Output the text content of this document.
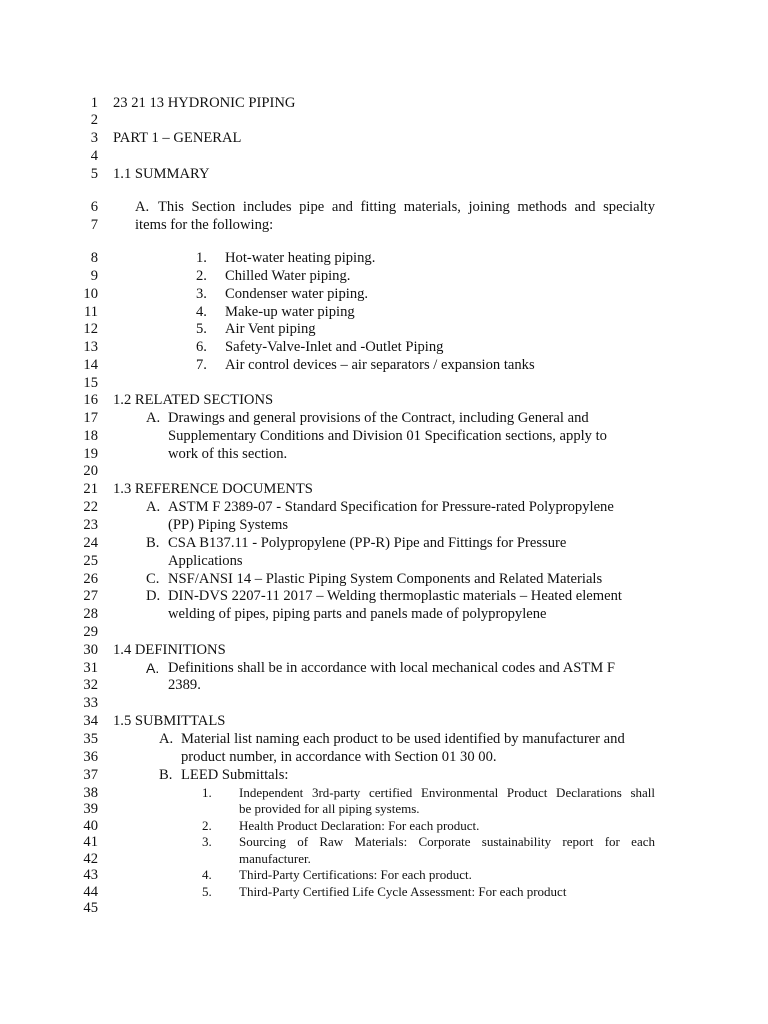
1
2
3
4
5
6
7
8
9
10
11
12
13
14
15
16
17
18
19
20
21
22
23
24
25
26
27
28
29
30
31
32
33
34
35
36
37
38
39
40
41
42
43
44
45
23 21 13 HYDRONIC PIPING
PART 1 – GENERAL
1.1 SUMMARY
A. This Section includes pipe and fitting materials, joining methods and specialty
items for the following:
1. Hot-water heating piping.
2. Chilled Water piping.
3. Condenser water piping.
4. Make-up water piping
5. Air Vent piping
6. Safety-Valve-Inlet and -Outlet Piping
7. Air control devices – air separators / expansion tanks
1.2 RELATED SECTIONS
A. Drawings and general provisions of the Contract, including General and
Supplementary Conditions and Division 01 Specification sections, apply to
work of this section.
1.3 REFERENCE DOCUMENTS
A. ASTM F 2389-07 - Standard Specification for Pressure-rated Polypropylene
(PP) Piping Systems
B. CSA B137.11 - Polypropylene (PP-R) Pipe and Fittings for Pressure
Applications
C. NSF/ANSI 14 – Plastic Piping System Components and Related Materials
D. DIN-DVS 2207-11 2017 – Welding thermoplastic materials – Heated element
welding of pipes, piping parts and panels made of polypropylene
1.4 DEFINITIONS
A. Definitions shall be in accordance with local mechanical codes and ASTM F
2389.
1.5 SUBMITTALS
A. Material list naming each product to be used identified by manufacturer and
product number, in accordance with Section 01 30 00.
B. LEED Submittals:
1. Independent 3rd-party certified Environmental Product Declarations shall
be provided for all piping systems.
2. Health Product Declaration: For each product.
3. Sourcing of Raw Materials: Corporate sustainability report for each
manufacturer.
4. Third-Party Certifications: For each product.
5. Third-Party Certified Life Cycle Assessment: For each product
